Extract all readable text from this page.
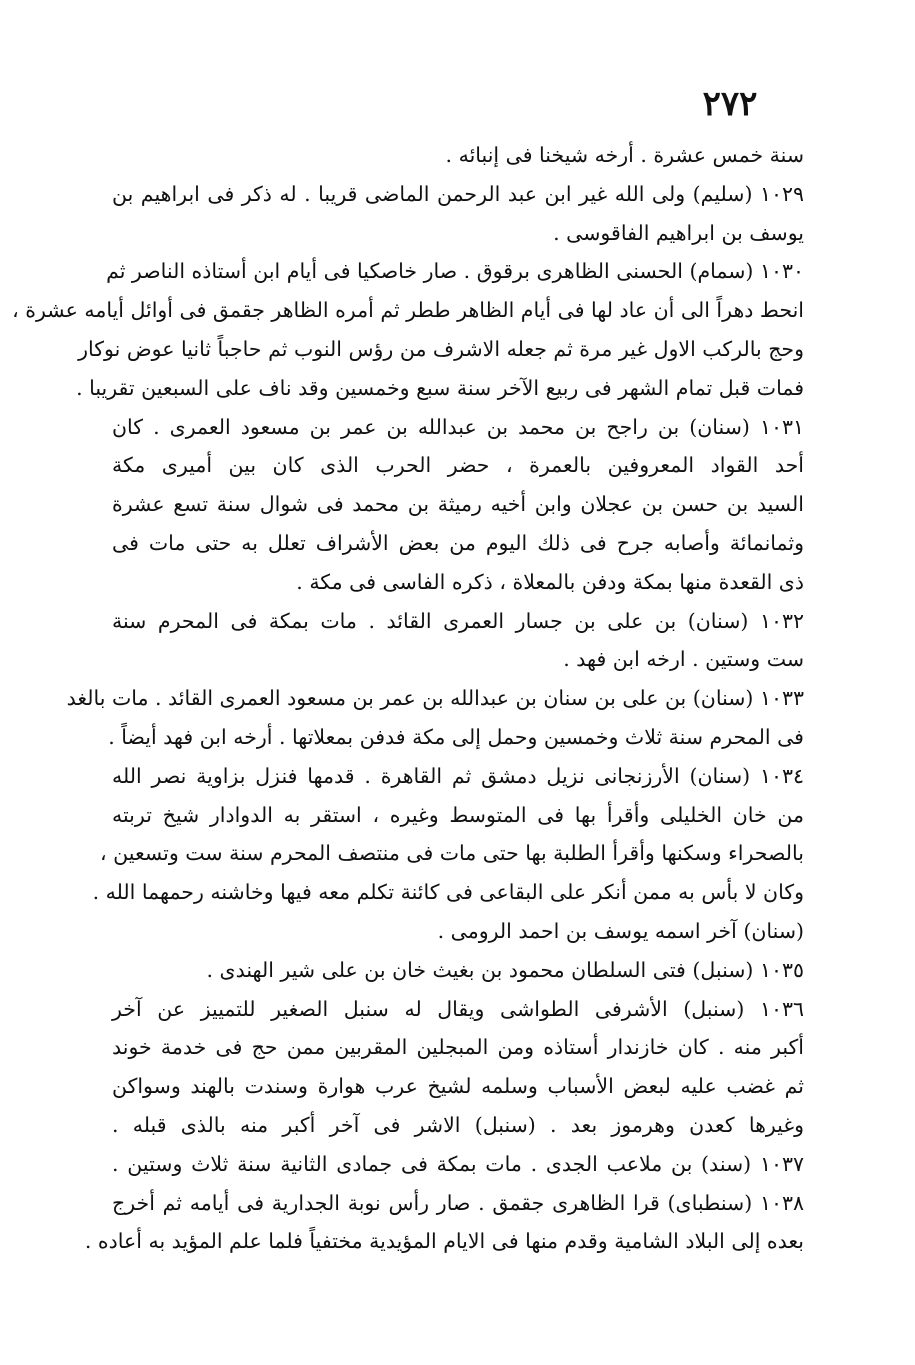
٢٧٢
سنة خمس عشرة . أرخه شيخنا فى إنبائه .
١٠٢٩ (سليم) ولى الله غير ابن عبد الرحمن الماضى قريبا . له ذكر فى ابراهيم بن
يوسف بن ابراهيم الفاقوسى .
١٠٣٠ (سمام) الحسنى الظاهرى برقوق . صار خاصكيا فى أيام ابن أستاذه الناصر ثم
انحط دهراً الى أن عاد لها فى أيام الظاهر ططر ثم أمره الظاهر جقمق فى أوائل أيامه عشرة ،
وحج بالركب الاول غير مرة ثم جعله الاشرف من رؤس النوب ثم حاجباً ثانيا عوض نوكار
فمات قبل تمام الشهر فى ربيع الآخر سنة سبع وخمسين وقد ناف على السبعين تقريبا .
١٠٣١ (سنان) بن راجح بن محمد بن عبدالله بن عمر بن مسعود العمرى . كان
أحد القواد المعروفين بالعمرة ، حضر الحرب الذى كان بين أميرى مكة
السيد بن حسن بن عجلان وابن أخيه رميثة بن محمد فى شوال سنة تسع عشرة
وثمانمائة وأصابه جرح فى ذلك اليوم من بعض الأشراف تعلل به حتى مات فى
ذى القعدة منها بمكة ودفن بالمعلاة ، ذكره الفاسى فى مكة .
١٠٣٢ (سنان) بن على بن جسار العمرى القائد . مات بمكة فى المحرم سنة
ست وستين . ارخه ابن فهد .
١٠٣٣ (سنان) بن على بن سنان بن عبدالله بن عمر بن مسعود العمرى القائد . مات بالغد
فى المحرم سنة ثلاث وخمسين وحمل إلى مكة فدفن بمعلاتها . أرخه ابن فهد أيضاً .
١٠٣٤ (سنان) الأرزنجانى نزيل دمشق ثم القاهرة . قدمها فنزل بزاوية نصر الله
من خان الخليلى وأقرأ بها فى المتوسط وغيره ، استقر به الدوادار شيخ تربته
بالصحراء وسكنها وأقرأ الطلبة بها حتى مات فى منتصف المحرم سنة ست وتسعين ،
وكان لا بأس به ممن أنكر على البقاعى فى كائنة تكلم معه فيها وخاشنه رحمهما الله .
(سنان) آخر اسمه يوسف بن احمد الرومى .
١٠٣٥ (سنبل) فتى السلطان محمود بن بغيث خان بن على شير الهندى .
١٠٣٦ (سنبل) الأشرفى الطواشى ويقال له سنبل الصغير للتمييز عن آخر
أكبر منه . كان خازندار أستاذه ومن المبجلين المقربين ممن حج فى خدمة خوند
ثم غضب عليه لبعض الأسباب وسلمه لشيخ عرب هوارة وسندت بالهند وسواكن
وغيرها كعدن وهرموز بعد . (سنبل) الاشر فى آخر أكبر منه بالذى قبله .
١٠٣٧ (سند) بن ملاعب الجدى . مات بمكة فى جمادى الثانية سنة ثلاث وستين .
١٠٣٨ (سنطباى) قرا الظاهرى جقمق . صار رأس نوبة الجدارية فى أيامه ثم أخرج
بعده إلى البلاد الشامية وقدم منها فى الايام المؤيدية مختفياً فلما علم المؤيد به أعاده .
